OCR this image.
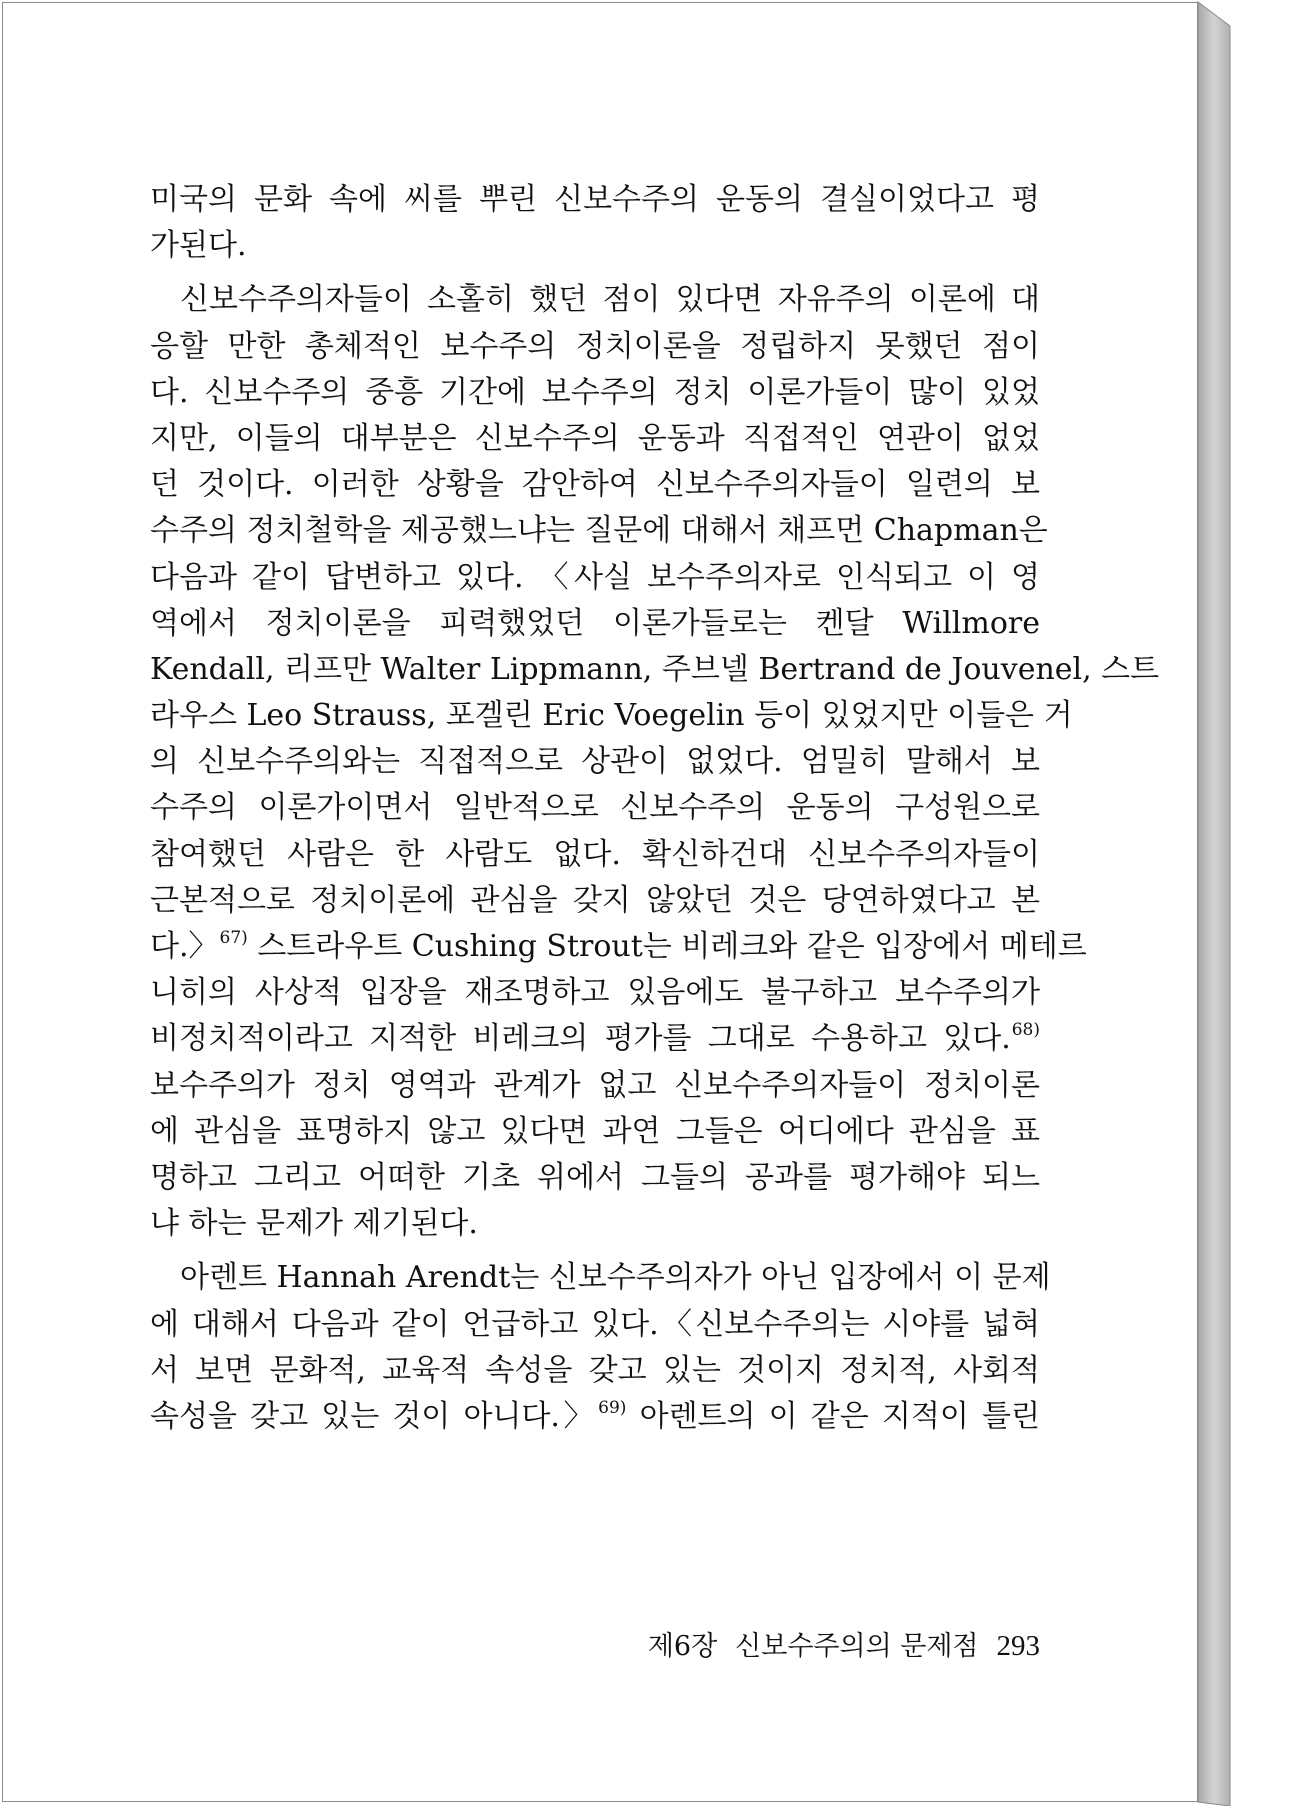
미국의 문화 속에 씨를 뿌린 신보수주의 운동의 결실이었다고 평
가된다.
신보수주의자들이 소홀히 했던 점이 있다면 자유주의 이론에 대
응할 만한 총체적인 보수주의 정치이론을 정립하지 못했던 점이
다. 신보수주의 중흥 기간에 보수주의 정치 이론가들이 많이 있었
지만, 이들의 대부분은 신보수주의 운동과 직접적인 연관이 없었
던 것이다. 이러한 상황을 감안하여 신보수주의자들이 일련의 보
수주의 정치철학을 제공했느냐는 질문에 대해서 채프먼 Chapman은
다음과 같이 답변하고 있다. 〈사실 보수주의자로 인식되고 이 영
역에서 정치이론을 피력했었던 이론가들로는 켄달 Willmore
Kendall, 리프만 Walter Lippmann, 주브넬 Bertrand de Jouvenel, 스트
라우스 Leo Strauss, 포겔린 Eric Voegelin 등이 있었지만 이들은 거
의 신보수주의와는 직접적으로 상관이 없었다. 엄밀히 말해서 보
수주의 이론가이면서 일반적으로 신보수주의 운동의 구성원으로
참여했던 사람은 한 사람도 없다. 확신하건대 신보수주의자들이
근본적으로 정치이론에 관심을 갖지 않았던 것은 당연하였다고 본
다.〉$^{67)}$ 스트라우트 Cushing Strout는 비레크와 같은 입장에서 메테르
니히의 사상적 입장을 재조명하고 있음에도 불구하고 보수주의가
비정치적이라고 지적한 비레크의 평가를 그대로 수용하고 있다.$^{68)}$
보수주의가 정치 영역과 관계가 없고 신보수주의자들이 정치이론
에 관심을 표명하지 않고 있다면 과연 그들은 어디에다 관심을 표
명하고 그리고 어떠한 기초 위에서 그들의 공과를 평가해야 되느
냐 하는 문제가 제기된다.
아렌트 Hannah Arendt는 신보수주의자가 아닌 입장에서 이 문제
에 대해서 다음과 같이 언급하고 있다.〈신보수주의는 시야를 넓혀
서 보면 문화적, 교육적 속성을 갖고 있는 것이지 정치적, 사회적
속성을 갖고 있는 것이 아니다.〉$^{69)}$ 아렌트의 이 같은 지적이 틀린
제6장 신보수주의의 문제점 293
